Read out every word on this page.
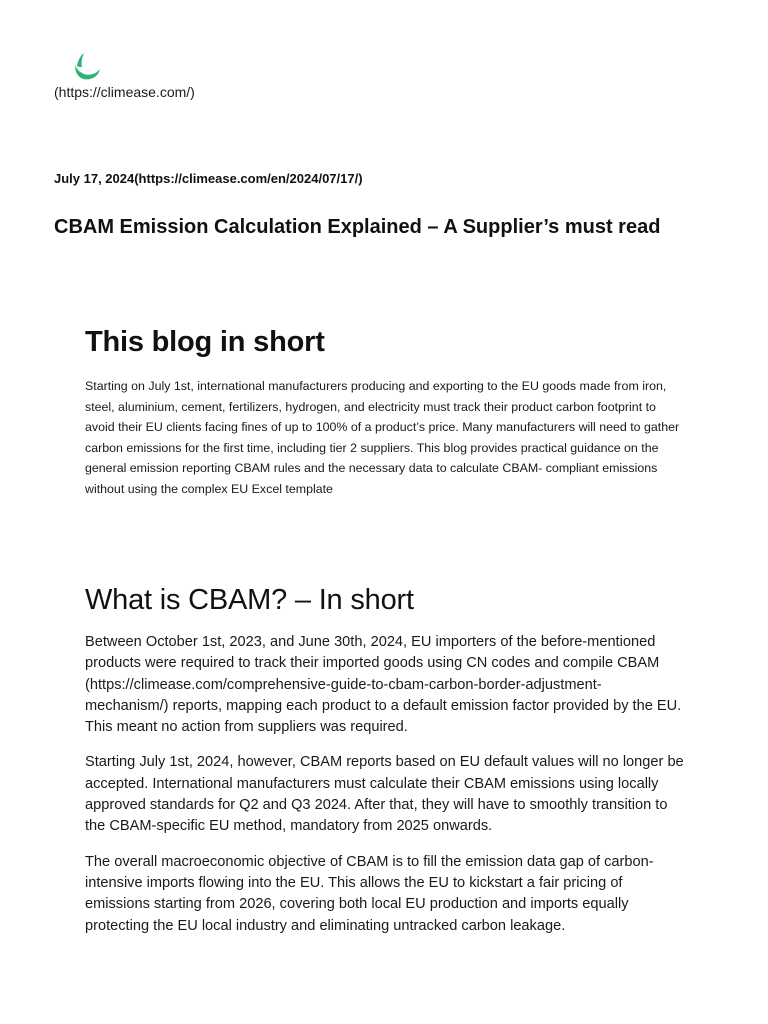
(https://climease.com/)
July 17, 2024(https://climease.com/en/2024/07/17/)
CBAM Emission Calculation Explained – A Supplier’s must read
This blog in short

Starting on July 1st, international manufacturers producing and exporting to the EU goods made from iron, steel, aluminium, cement, fertilizers, hydrogen, and electricity must track their product carbon footprint to avoid their EU clients facing fines of up to 100% of a product’s price. Many manufacturers will need to gather carbon emissions for the first time, including tier 2 suppliers. This blog provides practical guidance on the general emission reporting CBAM rules and the necessary data to calculate CBAM- compliant emissions without using the complex EU Excel template

What is CBAM? – In short

Between October 1st, 2023, and June 30th, 2024, EU importers of the before-mentioned products were required to track their imported goods using CN codes and compile CBAM (https://climease.com/comprehensive-guide-to-cbam-carbon-border-adjustment-mechanism/) reports, mapping each product to a default emission factor provided by the EU. This meant no action from suppliers was required.

Starting July 1st, 2024, however, CBAM reports based on EU default values will no longer be accepted. International manufacturers must calculate their CBAM emissions using locally approved standards for Q2 and Q3 2024. After that, they will have to smoothly transition to the CBAM-specific EU method, mandatory from 2025 onwards.

The overall macroeconomic objective of CBAM is to fill the emission data gap of carbon-intensive imports flowing into the EU. This allows the EU to kickstart a fair pricing of emissions starting from 2026, covering both local EU production and imports equally protecting the EU local industry and eliminating untracked carbon leakage.
